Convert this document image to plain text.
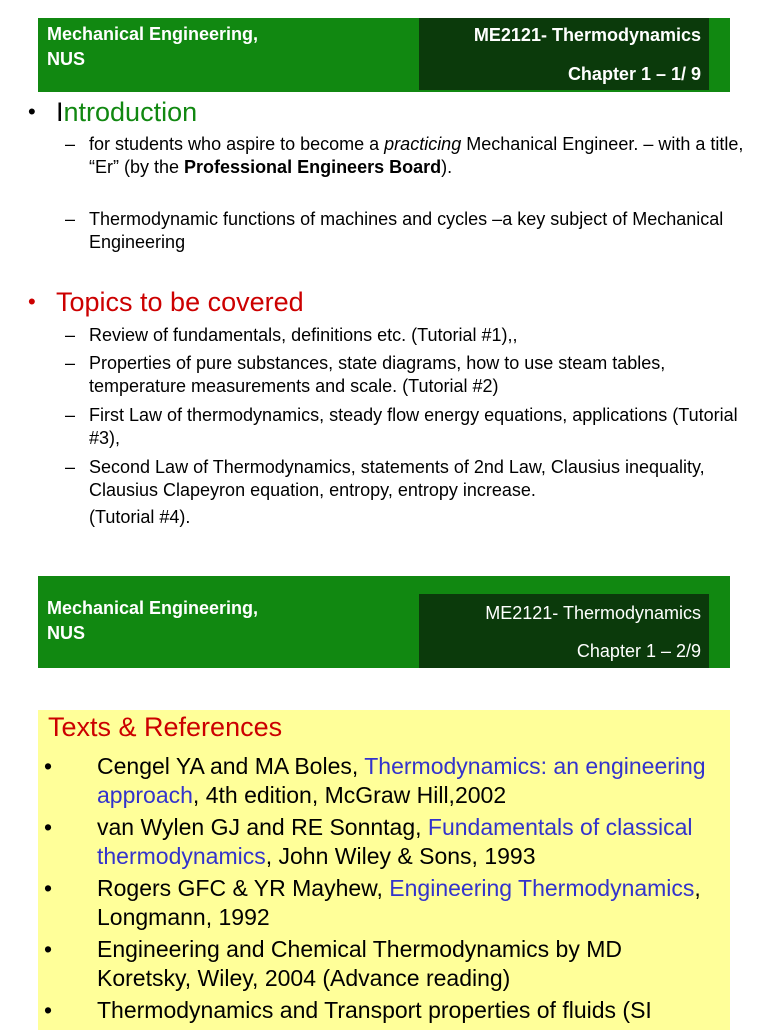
Mechanical Engineering,
NUS
ME2121- Thermodynamics
Chapter 1 – 1/ 9
• Introduction
– for students who aspire to become a practicing Mechanical Engineer. – with a title, “Er” (by the Professional Engineers Board).
– Thermodynamic functions of machines and cycles –a key subject of Mechanical Engineering
• Topics to be covered
– Review of fundamentals, definitions etc. (Tutorial #1),,
– Properties of pure substances, state diagrams, how to use steam tables, temperature measurements and scale. (Tutorial #2)
– First Law of thermodynamics, steady flow energy equations, applications (Tutorial #3),
– Second Law of Thermodynamics, statements of 2nd Law, Clausius inequality, Clausius Clapeyron equation, entropy, entropy increase.
(Tutorial #4).
Mechanical Engineering,
NUS
ME2121- Thermodynamics
Chapter 1 – 2/9
Texts & References
• Cengel YA and MA Boles, Thermodynamics: an engineering approach, 4th edition, McGraw Hill,2002
• van Wylen GJ and RE Sonntag, Fundamentals of classical thermodynamics, John Wiley & Sons, 1993
• Rogers GFC & YR Mayhew, Engineering Thermodynamics, Longmann, 1992
• Engineering and Chemical Thermodynamics by MD Koretsky, Wiley, 2004 (Advance reading)
• Thermodynamics and Transport properties of fluids (SI
